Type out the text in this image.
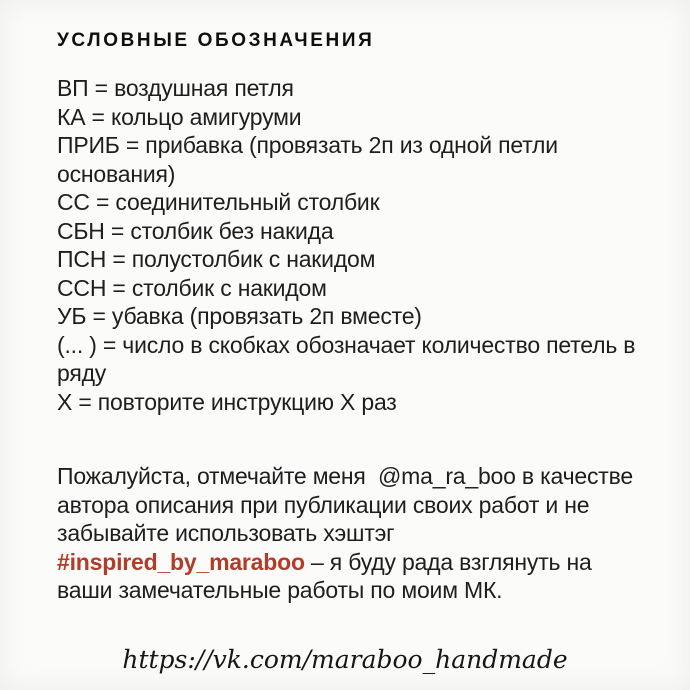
УСЛОВНЫЕ ОБОЗНАЧЕНИЯ
ВП = воздушная петля
КА = кольцо амигуруми
ПРИБ = прибавка (провязать 2п из одной петли основания)
СС = соединительный столбик
СБН = столбик без накида
ПСН = полустолбик с накидом
ССН = столбик с накидом
УБ = убавка (провязать 2п вместе)
(... ) = число в скобках обозначает количество петель в ряду
Х = повторите инструкцию Х раз

Пожалуйста, отмечайте меня  @ma_ra_boo в качестве автора описания при публикации своих работ и не забывайте использовать хэштэг #inspired_by_maraboo – я буду рада взглянуть на ваши замечательные работы по моим МК.

https://vk.com/maraboo_handmade
